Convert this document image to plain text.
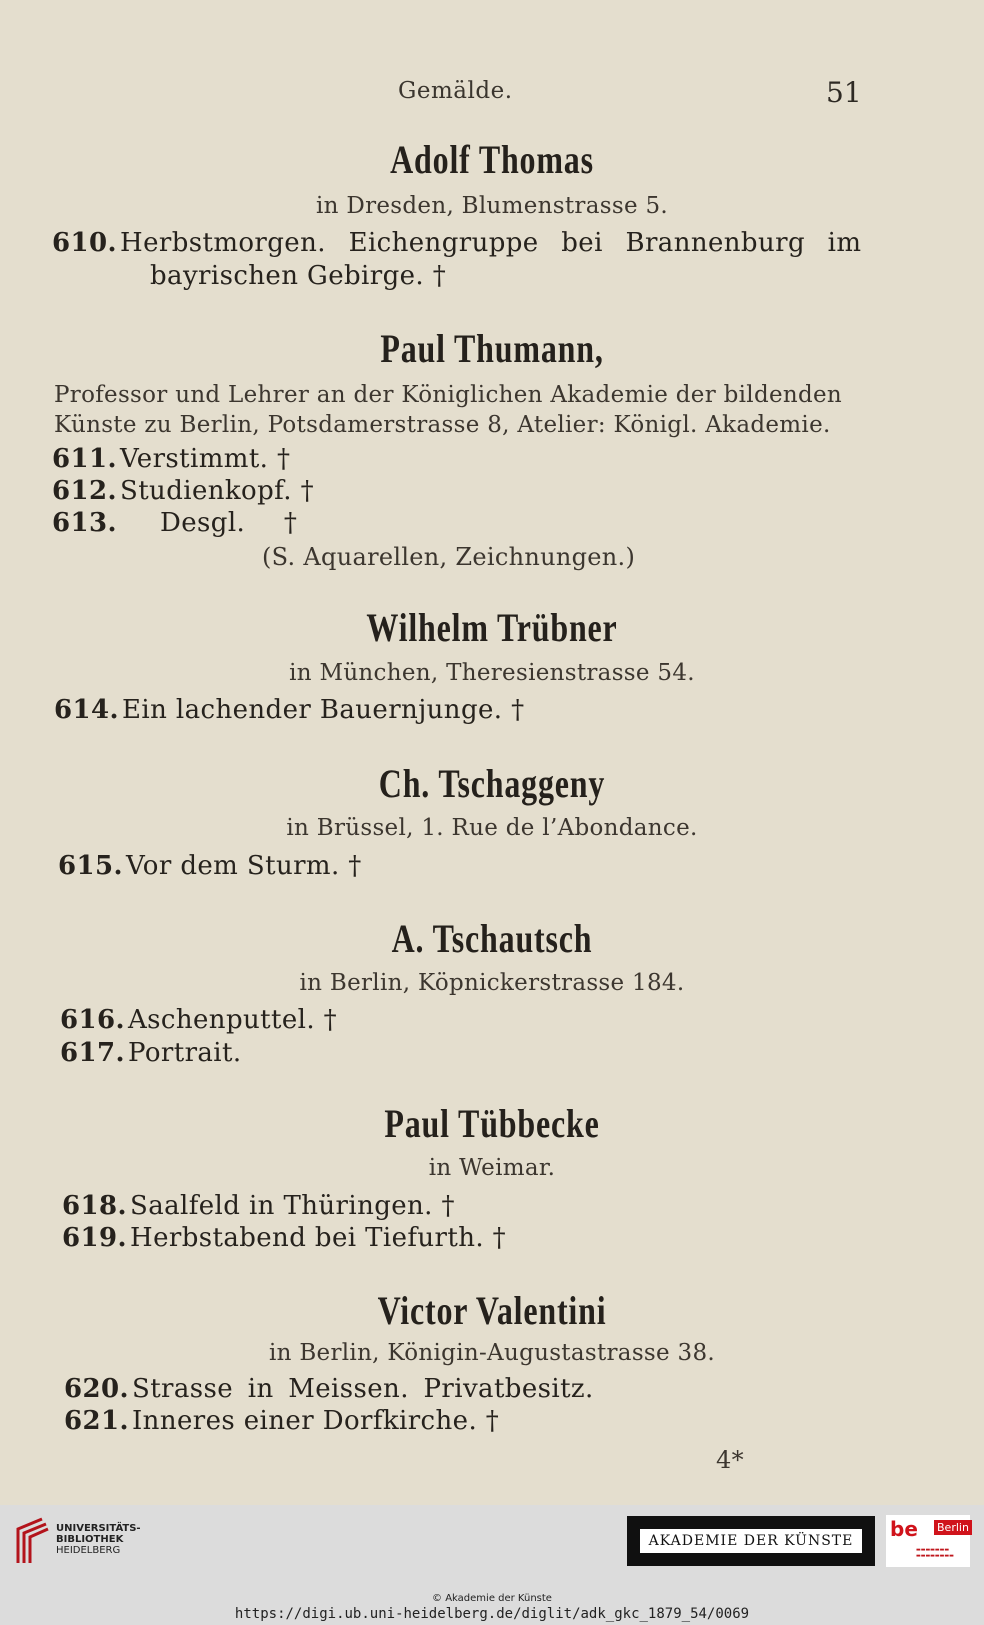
Gemälde.	51
Adolf Thomas
in Dresden, Blumenstrasse 5.
610. Herbstmorgen. Eichengruppe bei Brannenburg im
bayrischen Gebirge. †
Paul Thumann,
Professor und Lehrer an der Königlichen Akademie der bildenden
Künste zu Berlin, Potsdamerstrasse 8, Atelier: Königl. Akademie.
611. Verstimmt. †
612. Studienkopf. †
613. Desgl. †
(S. Aquarellen, Zeichnungen.)
Wilhelm Trübner
in München, Theresienstrasse 54.
614. Ein lachender Bauernjunge. †
Ch. Tschaggeny
in Brüssel, 1. Rue de l’Abondance.
615. Vor dem Sturm. †
A. Tschautsch
in Berlin, Köpnickerstrasse 184.
616. Aschenputtel. †
617. Portrait.
Paul Tübbecke
in Weimar.
618. Saalfeld in Thüringen. †
619. Herbstabend bei Tiefurth. †
Victor Valentini
in Berlin, Königin-Augustastrasse 38.
620. Strasse in Meissen. Privatbesitz.
621. Inneres einer Dorfkirche. †
4*
UNIVERSITÄTS-
BIBLIOTHEK
HEIDELBERG
AKADEMIE DER KÜNSTE	be Berlin
▬▬▬▬▬▬▬
▬▬▬▬▬▬▬▬
© Akademie der Künste
https://digi.ub.uni-heidelberg.de/diglit/adk_gkc_1879_54/0069
